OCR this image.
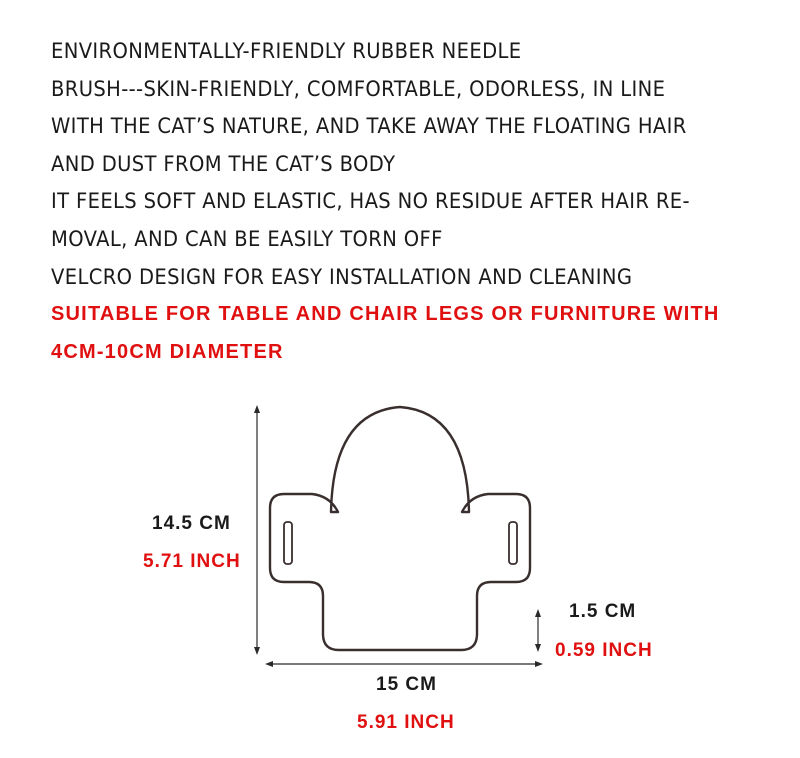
ENVIRONMENTALLY-FRIENDLY RUBBER NEEDLE
BRUSH---SKIN-FRIENDLY, COMFORTABLE, ODORLESS, IN LINE
WITH THE CAT’S NATURE, AND TAKE AWAY THE FLOATING HAIR
AND DUST FROM THE CAT’S BODY
IT FEELS SOFT AND ELASTIC, HAS NO RESIDUE AFTER HAIR RE-
MOVAL, AND CAN BE EASILY TORN OFF
VELCRO DESIGN FOR EASY INSTALLATION AND CLEANING
SUITABLE FOR TABLE AND CHAIR LEGS OR FURNITURE WITH
4CM-10CM DIAMETER
14.5 CM
5.71 INCH
1.5 CM
0.59 INCH
15 CM
5.91 INCH
